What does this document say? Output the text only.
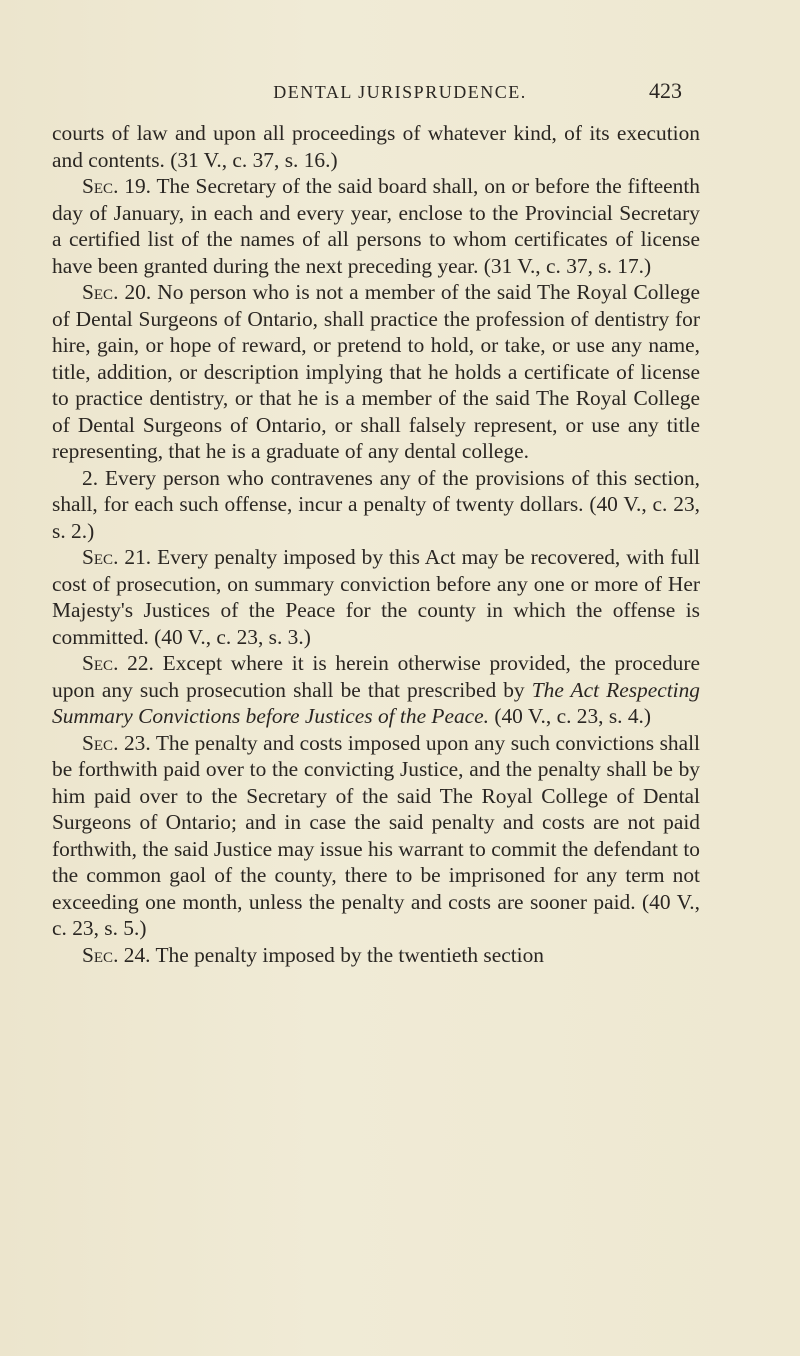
DENTAL JURISPRUDENCE.	423

courts of law and upon all proceedings of whatever kind, of its execution and contents. (31 V., c. 37, s. 16.)

Sec. 19. The Secretary of the said board shall, on or before the fifteenth day of January, in each and every year, enclose to the Provincial Secretary a certified list of the names of all persons to whom certificates of license have been granted during the next preceding year. (31 V., c. 37, s. 17.)

Sec. 20. No person who is not a member of the said The Royal College of Dental Surgeons of Ontario, shall practice the profession of dentistry for hire, gain, or hope of reward, or pretend to hold, or take, or use any name, title, addition, or description implying that he holds a certificate of license to practice dentistry, or that he is a member of the said The Royal College of Dental Surgeons of Ontario, or shall falsely represent, or use any title representing, that he is a graduate of any dental college.

2. Every person who contravenes any of the provisions of this section, shall, for each such offense, incur a penalty of twenty dollars. (40 V., c. 23, s. 2.)

Sec. 21. Every penalty imposed by this Act may be recovered, with full cost of prosecution, on summary conviction before any one or more of Her Majesty's Justices of the Peace for the county in which the offense is committed. (40 V., c. 23, s. 3.)

Sec. 22. Except where it is herein otherwise provided, the procedure upon any such prosecution shall be that prescribed by The Act Respecting Summary Convictions before Justices of the Peace. (40 V., c. 23, s. 4.)

Sec. 23. The penalty and costs imposed upon any such convictions shall be forthwith paid over to the convicting Justice, and the penalty shall be by him paid over to the Secretary of the said The Royal College of Dental Surgeons of Ontario; and in case the said penalty and costs are not paid forthwith, the said Justice may issue his warrant to commit the defendant to the common gaol of the county, there to be imprisoned for any term not exceeding one month, unless the penalty and costs are sooner paid. (40 V., c. 23, s. 5.)

Sec. 24. The penalty imposed by the twentieth section
